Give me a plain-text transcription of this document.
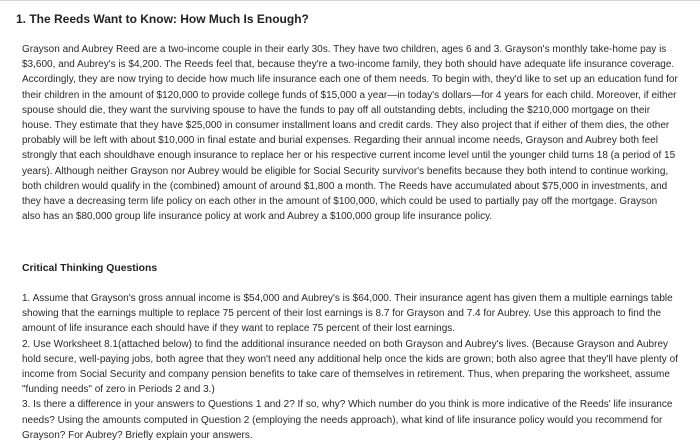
1. The Reeds Want to Know: How Much Is Enough?
Grayson and Aubrey Reed are a two-income couple in their early 30s. They have two children, ages 6 and 3. Grayson's monthly take-home pay is $3,600, and Aubrey's is $4,200. The Reeds feel that, because they're a two-income family, they both should have adequate life insurance coverage. Accordingly, they are now trying to decide how much life insurance each one of them needs. To begin with, they'd like to set up an education fund for their children in the amount of $120,000 to provide college funds of $15,000 a year—in today's dollars—for 4 years for each child. Moreover, if either spouse should die, they want the surviving spouse to have the funds to pay off all outstanding debts, including the $210,000 mortgage on their house. They estimate that they have $25,000 in consumer installment loans and credit cards. They also project that if either of them dies, the other probably will be left with about $10,000 in final estate and burial expenses. Regarding their annual income needs, Grayson and Aubrey both feel strongly that each shouldhave enough insurance to replace her or his respective current income level until the younger child turns 18 (a period of 15 years). Although neither Grayson nor Aubrey would be eligible for Social Security survivor's benefits because they both intend to continue working, both children would qualify in the (combined) amount of around $1,800 a month. The Reeds have accumulated about $75,000 in investments, and they have a decreasing term life policy on each other in the amount of $100,000, which could be used to partially pay off the mortgage. Grayson also has an $80,000 group life insurance policy at work and Aubrey a $100,000 group life insurance policy.
Critical Thinking Questions
1. Assume that Grayson's gross annual income is $54,000 and Aubrey's is $64,000. Their insurance agent has given them a multiple earnings table showing that the earnings multiple to replace 75 percent of their lost earnings is 8.7 for Grayson and 7.4 for Aubrey. Use this approach to find the amount of life insurance each should have if they want to replace 75 percent of their lost earnings.
2. Use Worksheet 8.1(attached below) to find the additional insurance needed on both Grayson and Aubrey's lives. (Because Grayson and Aubrey hold secure, well-paying jobs, both agree that they won't need any additional help once the kids are grown; both also agree that they'll have plenty of income from Social Security and company pension benefits to take care of themselves in retirement. Thus, when preparing the worksheet, assume "funding needs" of zero in Periods 2 and 3.)
3. Is there a difference in your answers to Questions 1 and 2? If so, why? Which number do you think is more indicative of the Reeds' life insurance needs? Using the amounts computed in Question 2 (employing the needs approach), what kind of life insurance policy would you recommend for Grayson? For Aubrey? Briefly explain your answers.
